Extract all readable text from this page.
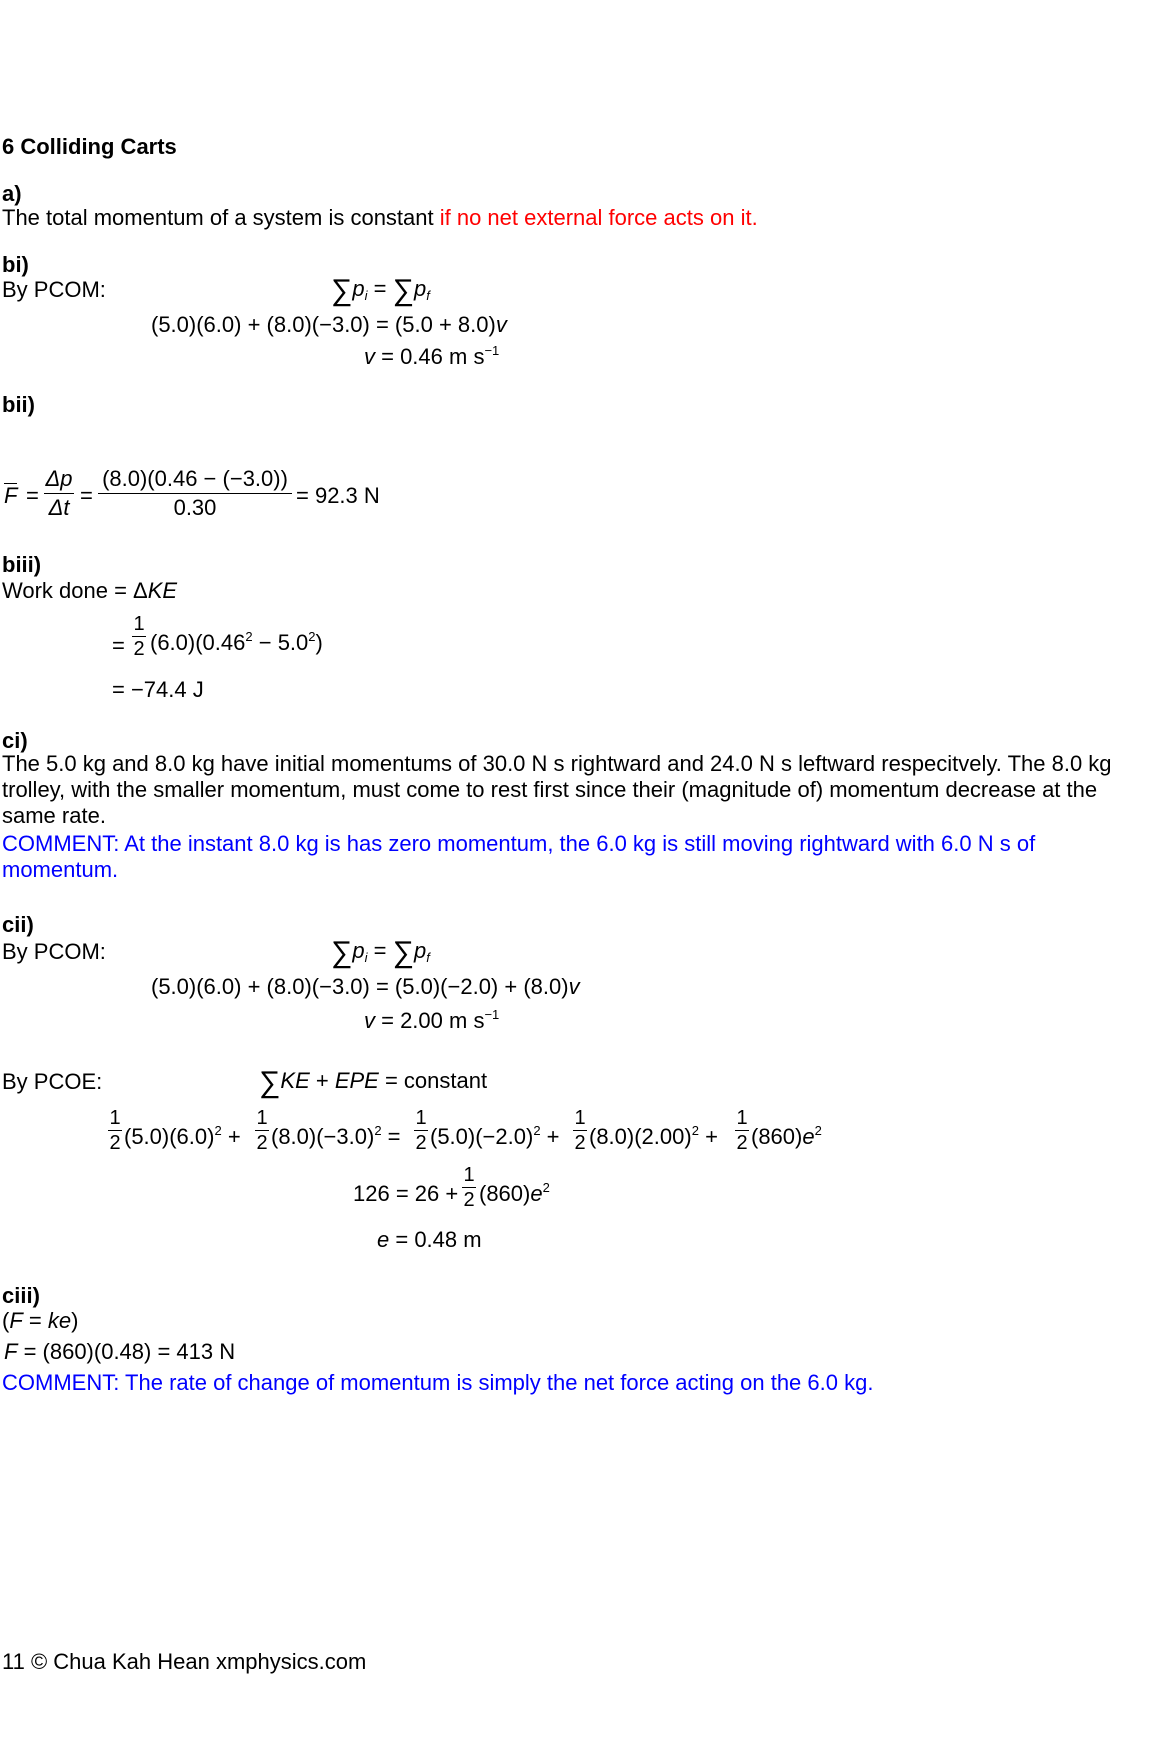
6 Colliding Carts
a)
The total momentum of a system is constant if no net external force acts on it.
bi)
By PCOM:	$\sum p_i = \sum p_f$
(5.0)(6.0) + (8.0)(−3.0) = (5.0 + 8.0)v
v = 0.46 m $s^{-1}$
bii)
F =
Δp
Δt =
(8.0)(0.46 − (−3.0))
0.30	= 92.3 N
biii)
Work done = ΔKE
=
1
2 $(6.0)(0.46^2 - 5.0^2)$
= −74.4 J
ci)
The 5.0 kg and 8.0 kg have initial momentums of 30.0 N s rightward and 24.0 N s leftward respecitvely. The 8.0 kg trolley, with the smaller momentum, must come to rest first since their (magnitude of) momentum decrease at the same rate.
COMMENT: At the instant 8.0 kg is has zero momentum, the 6.0 kg is still moving rightward with 6.0 N s of momentum.
cii)
By PCOM:	$\sum p_i = \sum p_f$
(5.0)(6.0) + (8.0)(−3.0) = (5.0)(−2.0) + (8.0)v
v = 2.00 m $s^{-1}$
By PCOE:	∑KE + EPE = constant
1
2 $(5.0)(6.0)^2$ +
1
2 $(8.0)(-3.0)^2$ =
1
2 $(5.0)(-2.0)^2$ +
1
2 $(8.0)(2.00)^2$ +
1
2 $(860)e^2$
126 = 26 +
1
2 $(860)e^2$
e = 0.48 m
ciii)
(F = ke)
F = (860)(0.48) = 413 N
COMMENT: The rate of change of momentum is simply the net force acting on the 6.0 kg.
11 © Chua Kah Hean xmphysics.com
